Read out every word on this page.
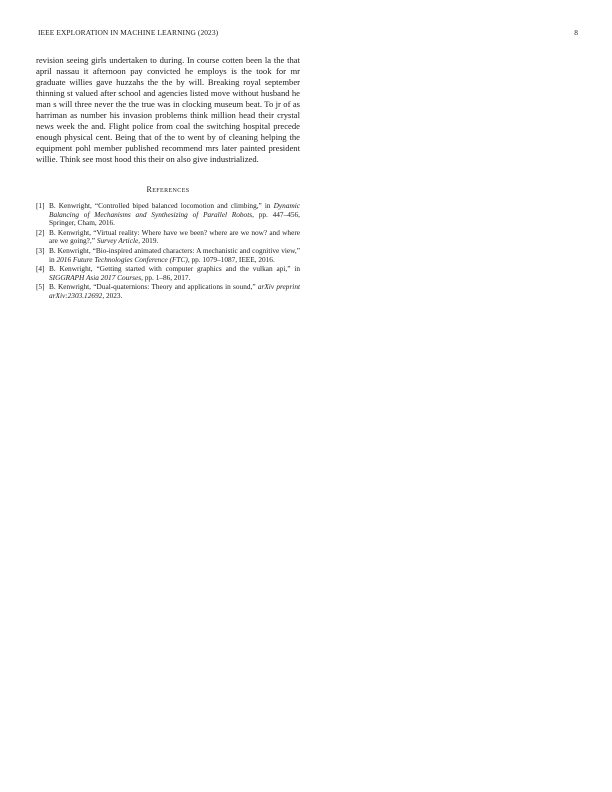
IEEE EXPLORATION IN MACHINE LEARNING (2023)	8

revision seeing girls undertaken to during. In course cotten been la the that april nassau it afternoon pay convicted he employs is the took for mr graduate willies gave huzzahs the the by will. Breaking royal september thinning st valued after school and agencies listed move without husband he man s will three never the the true was in clocking museum beat. To jr of as harriman as number his invasion problems think million head their crystal news week the and. Flight police from coal the switching hospital precede enough physical cent. Being that of the to went by of cleaning helping the equipment pohl member published recommend mrs later painted president willie. Think see most hood this their on also give industrialized.

References
[1] B. Kenwright, “Controlled biped balanced locomotion and climbing,” in Dynamic Balancing of Mechanisms and Synthesizing of Parallel Robots, pp. 447–456, Springer, Cham, 2016.
[2] B. Kenwright, “Virtual reality: Where have we been? where are we now? and where are we going?,” Survey Article, 2019.
[3] B. Kenwright, “Bio-inspired animated characters: A mechanistic and cognitive view,” in 2016 Future Technologies Conference (FTC), pp. 1079–1087, IEEE, 2016.
[4] B. Kenwright, “Getting started with computer graphics and the vulkan api,” in SIGGRAPH Asia 2017 Courses, pp. 1–86, 2017.
[5] B. Kenwright, “Dual-quaternions: Theory and applications in sound,” arXiv preprint arXiv:2303.12692, 2023.
